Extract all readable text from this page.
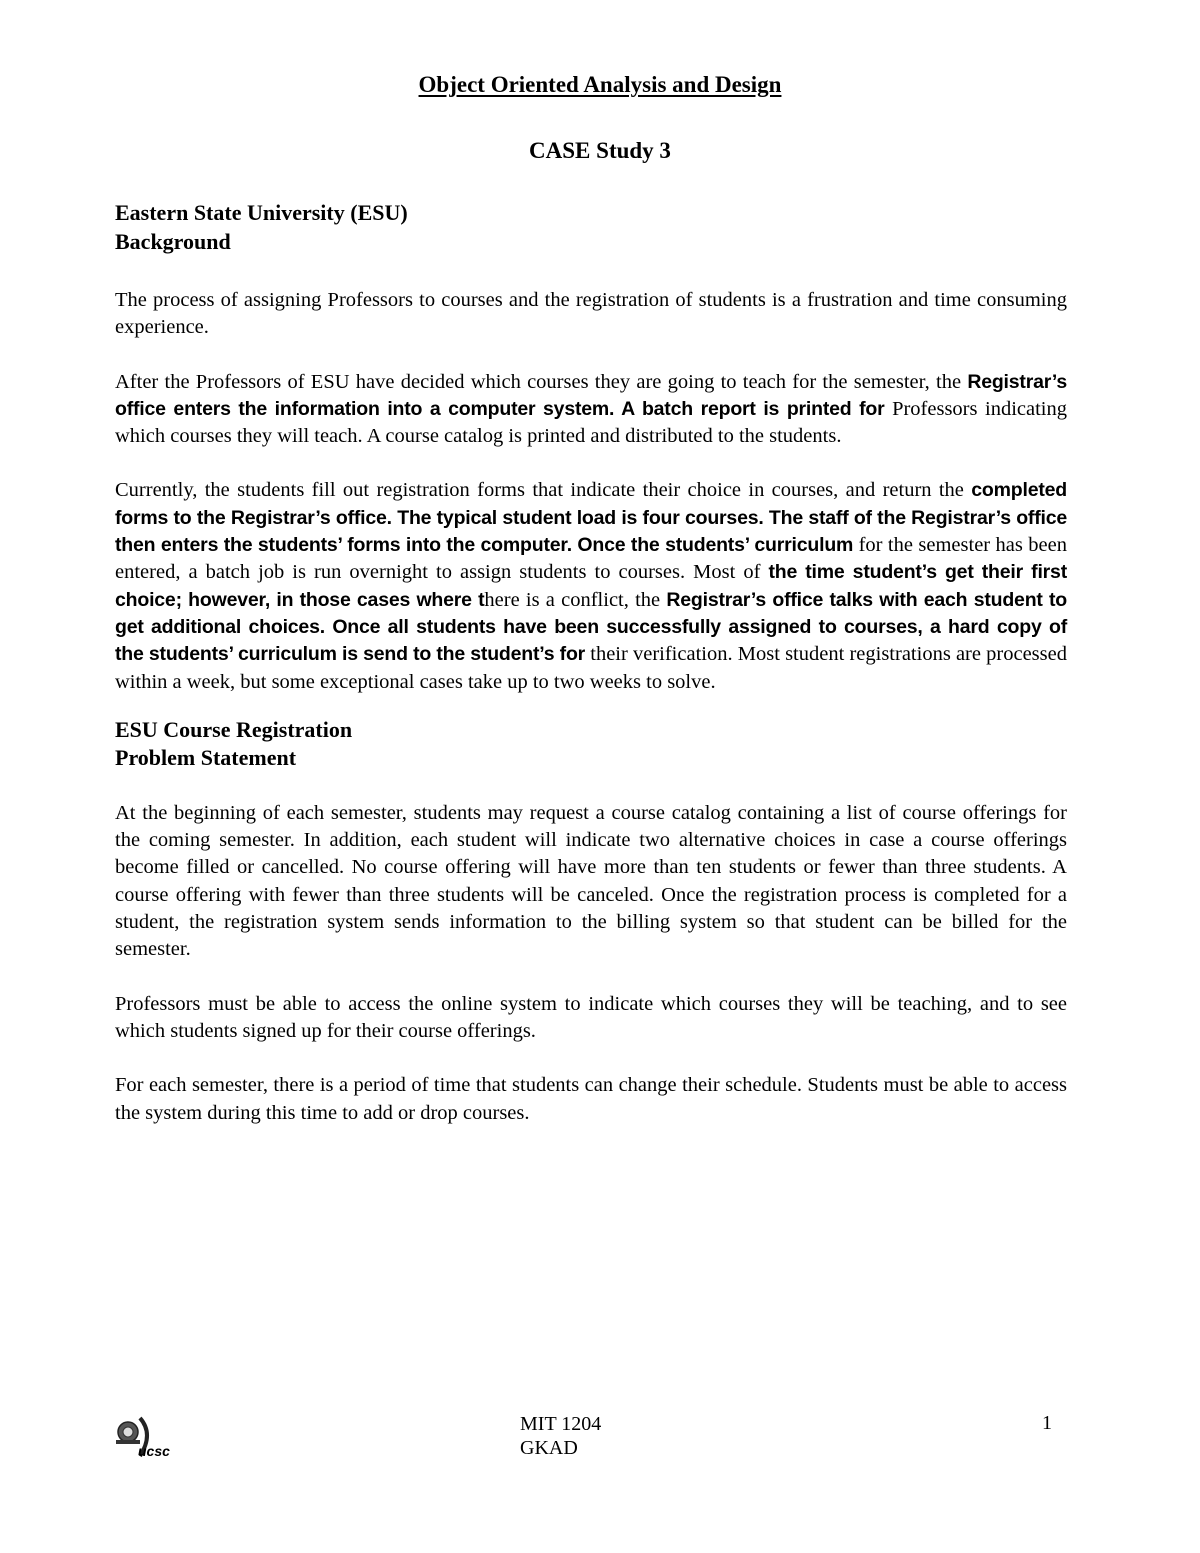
Object Oriented Analysis and Design
CASE Study 3
Eastern State University (ESU)
Background

The process of assigning Professors to courses and the registration of students is a frustration and time consuming experience.

After the Professors of ESU have decided which courses they are going to teach for the semester, the Registrar’s office enters the information into a computer system. A batch report is printed for Professors indicating which courses they will teach. A course catalog is printed and distributed to the students.

Currently, the students fill out registration forms that indicate their choice in courses, and return the completed forms to the Registrar’s office. The typical student load is four courses. The staff of the Registrar’s office then enters the students’ forms into the computer. Once the students’ curriculum for the semester has been entered, a batch job is run overnight to assign students to courses. Most of the time student’s get their first choice; however, in those cases where there is a conflict, the Registrar’s office talks with each student to get additional choices. Once all students have been successfully assigned to courses, a hard copy of the students’ curriculum is send to the student’s for their verification. Most student registrations are processed within a week, but some exceptional cases take up to two weeks to solve.

ESU Course Registration
Problem Statement

At the beginning of each semester, students may request a course catalog containing a list of course offerings for the coming semester. In addition, each student will indicate two alternative choices in case a course offerings become filled or cancelled. No course offering will have more than ten students or fewer than three students. A course offering with fewer than three students will be canceled. Once the registration process is completed for a student, the registration system sends information to the billing system so that student can be billed for the semester.

Professors must be able to access the online system to indicate which courses they will be teaching, and to see which students signed up for their course offerings.

For each semester, there is a period of time that students can change their schedule. Students must be able to access the system during this time to add or drop courses.

ucsc
MIT 1204
GKAD
1
